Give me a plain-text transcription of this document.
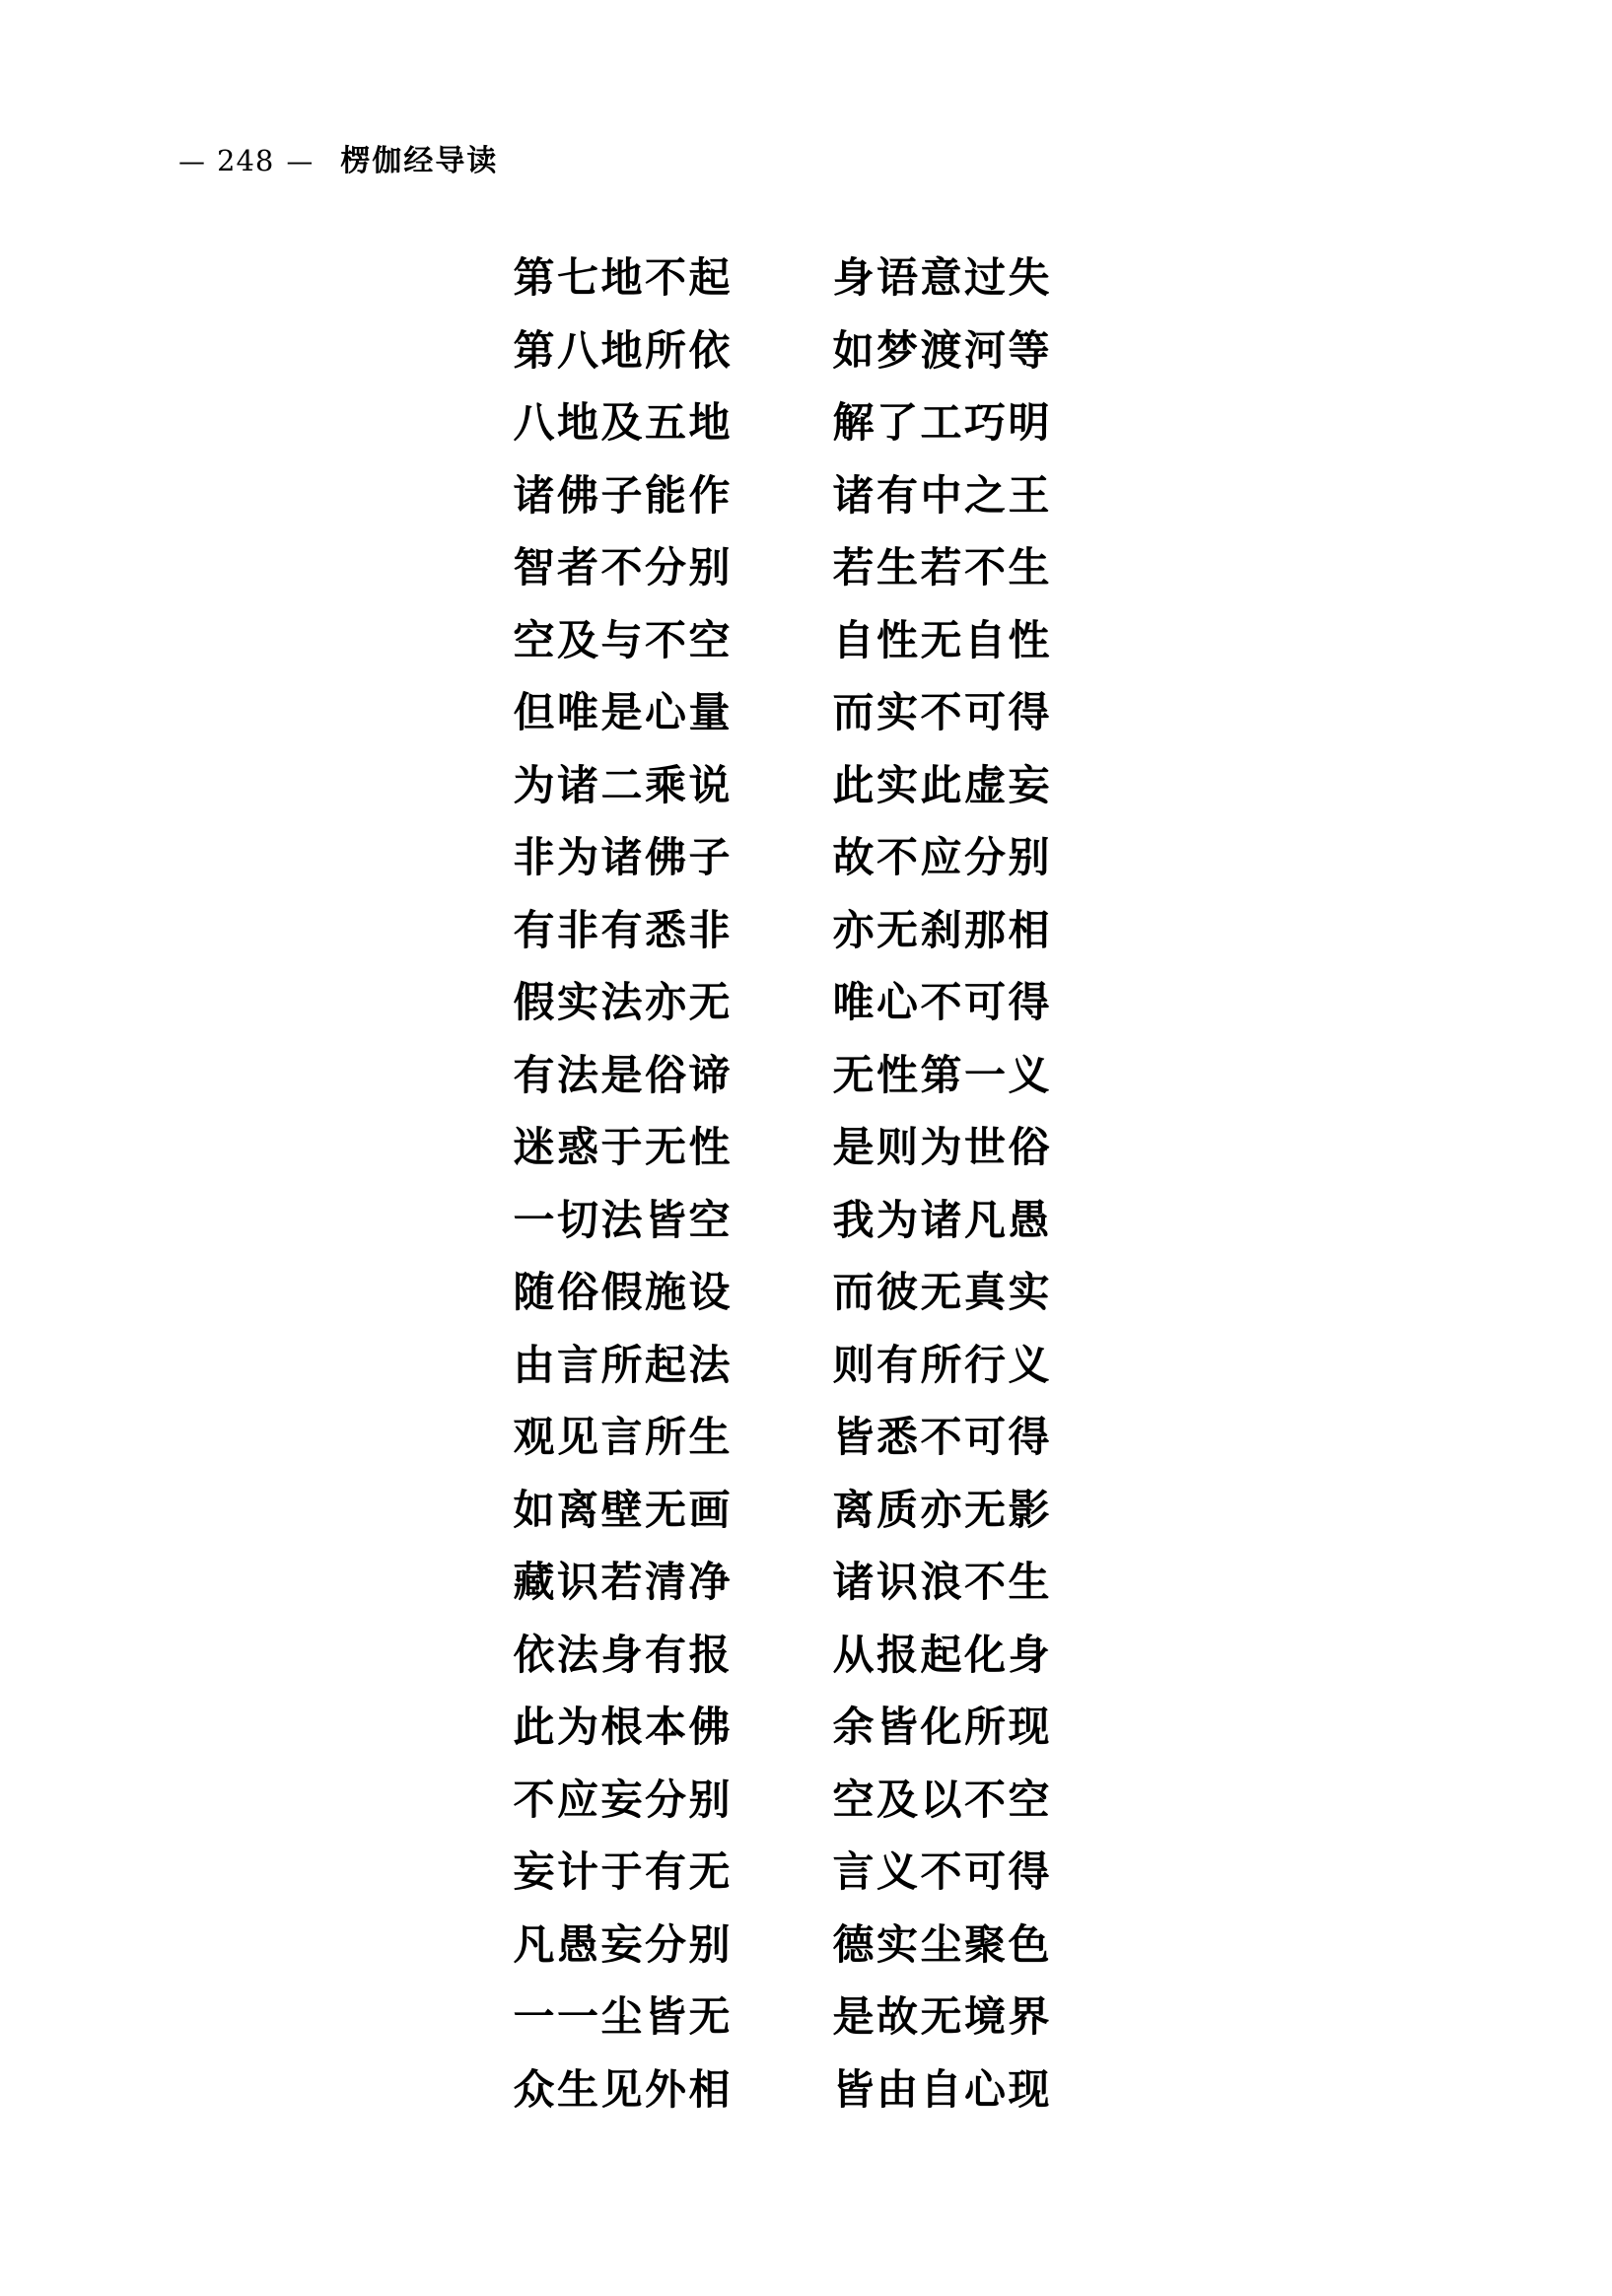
— 248 — 楞伽经导读
第七地不起	身语意过失
第八地所依	如梦渡河等
八地及五地	解了工巧明
诸佛子能作	诸有中之王
智者不分别	若生若不生
空及与不空	自性无自性
但唯是心量	而实不可得
为诸二乘说	此实此虚妄
非为诸佛子	故不应分别
有非有悉非	亦无刹那相
假实法亦无	唯心不可得
有法是俗谛	无性第一义
迷惑于无性	是则为世俗
一切法皆空	我为诸凡愚
随俗假施设	而彼无真实
由言所起法	则有所行义
观见言所生	皆悉不可得
如离壁无画	离质亦无影
藏识若清净	诸识浪不生
依法身有报	从报起化身
此为根本佛	余皆化所现
不应妄分别	空及以不空
妄计于有无	言义不可得
凡愚妄分别	德实尘聚色
一一尘皆无	是故无境界
众生见外相	皆由自心现
